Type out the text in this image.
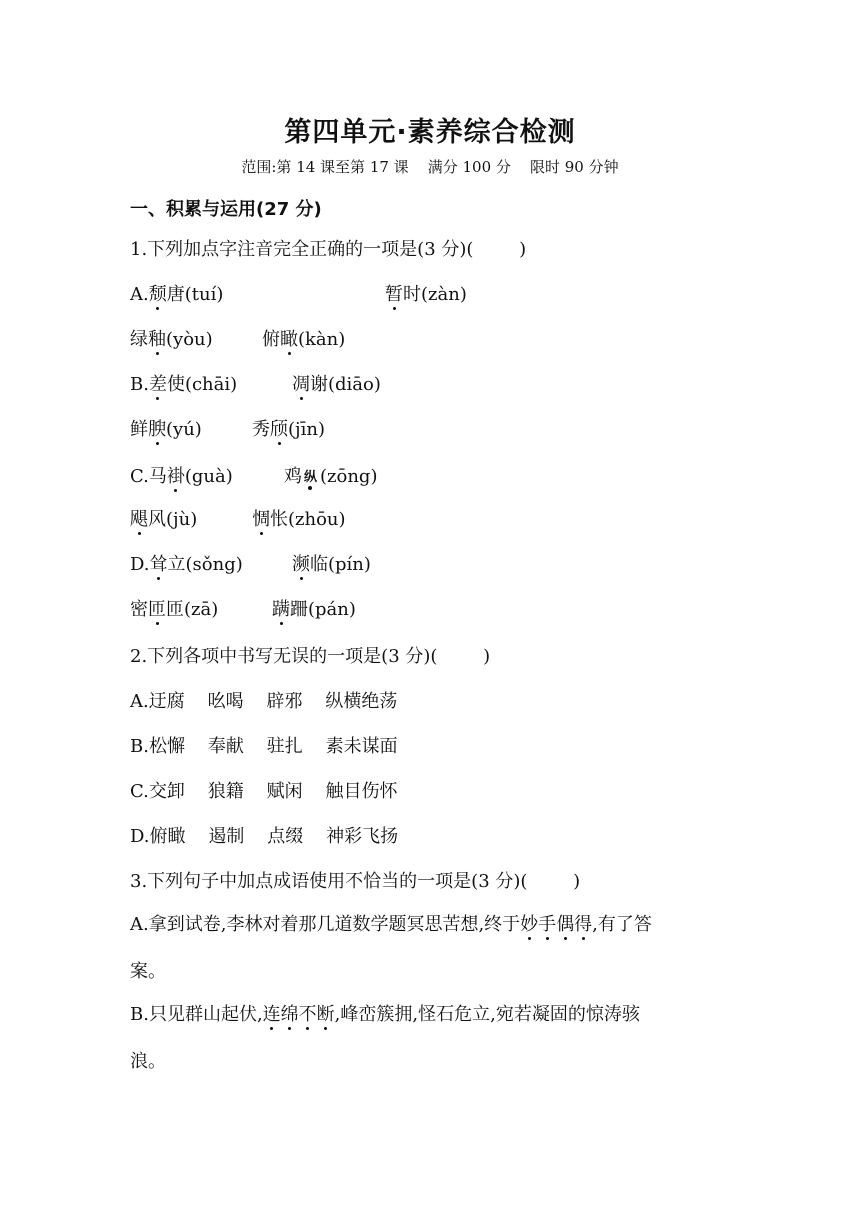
第四单元·素养综合检测
范围:第 14 课至第 17 课    满分 100 分    限时 90 分钟
一、积累与运用(27 分)
1.下列加点字注音完全正确的一项是(3 分)(        )
A.颓唐(tuí)	暂时(zàn)
绿釉(yòu)	俯瞰(kàn)
B.差使(chāi)	凋谢(diāo)
鲜腴(yú)	秀颀(jīn)
C.马褂(guà)	鸡 纵 (zōng)
飓风(jù)	惆怅(zhōu)
D.耸立(sǒng)	濒临(pín)
密匝匝(zā)	蹒跚(pán)
2.下列各项中书写无误的一项是(3 分)(        )
A.迂腐    吆喝    辟邪    纵横绝荡
B.松懈    奉献    驻扎    素未谋面
C.交卸    狼籍    赋闲    触目伤怀
D.俯瞰    遏制    点缀    神彩飞扬
3.下列句子中加点成语使用不恰当的一项是(3 分)(        )
A.拿到试卷,李林对着那几道数学题冥思苦想,终于妙手偶得,有了答
案。
B.只见群山起伏,连绵不断,峰峦簇拥,怪石危立,宛若凝固的惊涛骇
浪。
